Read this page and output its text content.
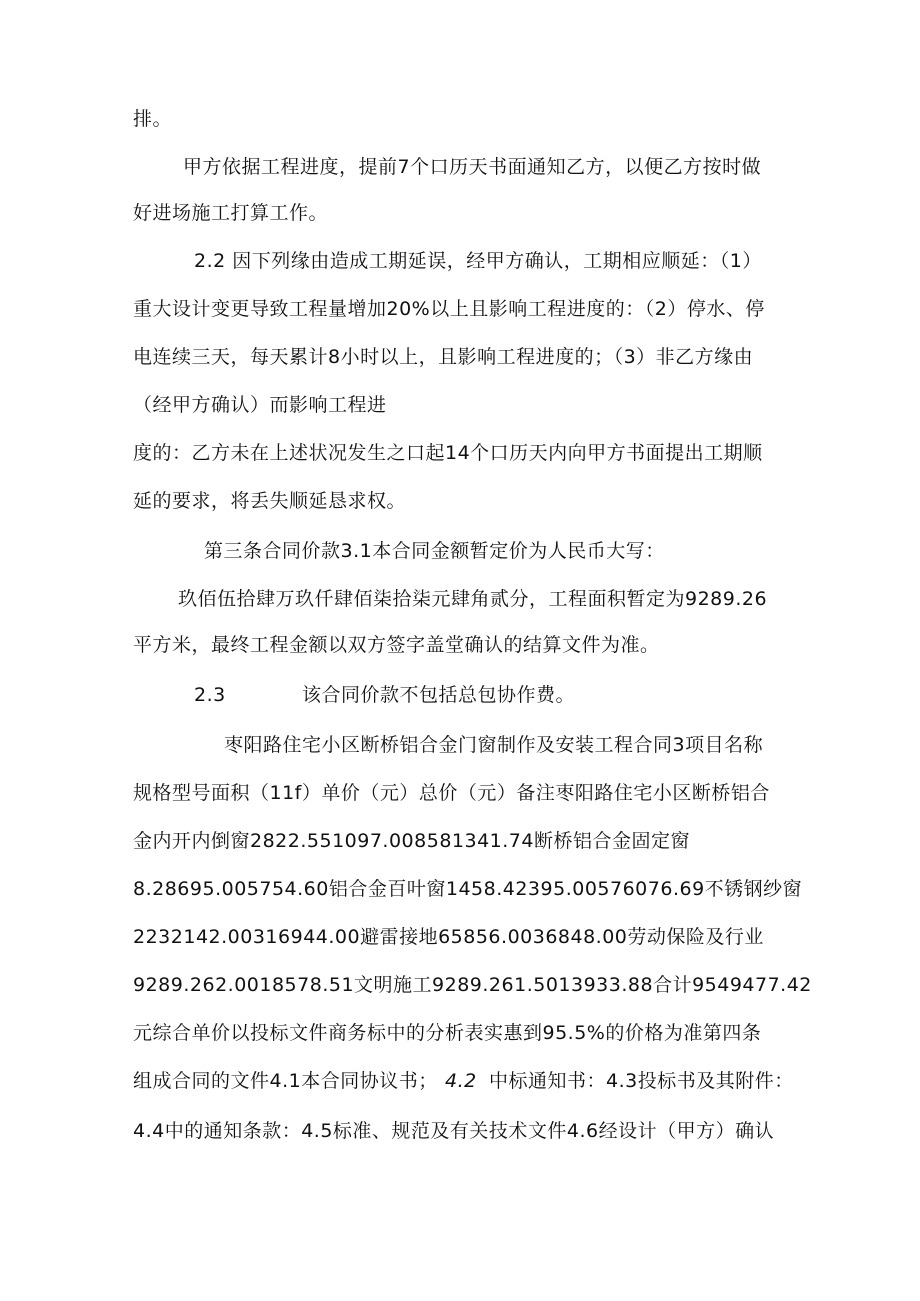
排。
甲方依据工程进度，提前7个口历天书面通知乙方，以便乙方按时做
好进场施工打算工作。
2.2 因下列缘由造成工期延误，经甲方确认，工期相应顺延：（1）
重大设计变更导致工程量增加20%以上且影响工程进度的：（2）停水、停
电连续三天，每天累计8小时以上，且影响工程进度的；（3）非乙方缘由
（经甲方确认）而影响工程进
度的：乙方未在上述状况发生之口起14个口历天内向甲方书面提出工期顺
延的要求，将丢失顺延恳求权。
第三条合同价款3.1本合同金额暂定价为人民币大写：
玖佰伍拾肆万玖仟肆佰柒拾柒元肆角贰分，工程面积暂定为9289.26
平方米，最终工程金额以双方签字盖堂确认的结算文件为准。
2.3	该合同价款不包括总包协作费。
枣阳路住宅小区断桥铝合金门窗制作及安装工程合同3项目名称
规格型号面积（11f）单价（元）总价（元）备注枣阳路住宅小区断桥铝合
金内开内倒窗2822.551097.008581341.74断桥铝合金固定窗
8.28695.005754.60铝合金百叶窗1458.42395.00576076.69不锈钢纱窗
2232142.00316944.00避雷接地65856.0036848.00劳动保险及行业
9289.262.0018578.51文明施工9289.261.5013933.88合计9549477.42
元综合单价以投标文件商务标中的分析表实惠到95.5%的价格为准第四条
组成合同的文件4.1本合同协议书； 4.2 中标通知书：4.3投标书及其附件：
4.4中的通知条款：4.5标准、规范及有关技术文件4.6经设计（甲方）确认
